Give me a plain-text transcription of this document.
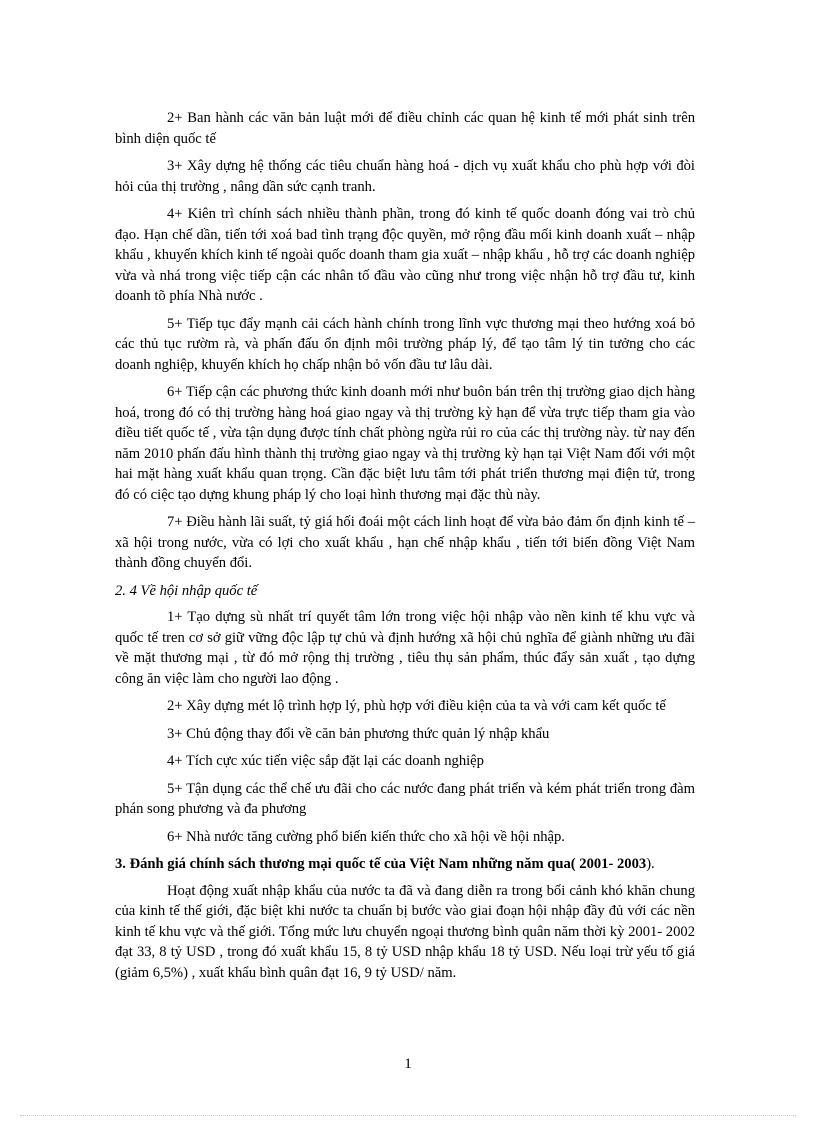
2+ Ban hành các văn bản luật mới để điều chỉnh các quan hệ kinh tế mới phát sinh trên bình diện quốc tế

3+ Xây dựng hệ thống các tiêu chuẩn hàng hoá - dịch vụ xuất khẩu cho phù hợp với đòi hỏi của thị trường , nâng dần sức cạnh tranh.

4+ Kiên trì chính sách nhiều thành phần, trong đó kinh tế quốc doanh đóng vai trò chủ đạo. Hạn chế dần, tiến tới xoá bad tình trạng độc quyền, mở rộng đầu mối kinh doanh xuất – nhập khẩu , khuyến khích kinh tế ngoài quốc doanh tham gia xuất – nhập khẩu , hỗ trợ các doanh nghiệp vừa và nhá trong việc tiếp cận các nhân tố đầu vào cũng như trong việc nhận hỗ trợ đầu tư, kinh doanh tõ phía Nhà nước .

5+ Tiếp tục đẩy mạnh cải cách hành chính trong lĩnh vực thương mại theo hướng xoá bỏ các thủ tục rườm rà, và phấn đấu ổn định môi trường pháp lý, để tạo tâm lý tin tưởng cho các doanh nghiệp, khuyến khích họ chấp nhận bỏ vốn đầu tư lâu dài.

6+ Tiếp cận các phương thức kinh doanh mới như buôn bán trên thị trường giao dịch hàng hoá, trong đó có thị trường hàng hoá giao ngay và thị trường kỳ hạn để vừa trực tiếp tham gia vào điều tiết quốc tế , vừa tận dụng được tính chất phòng ngừa rủi ro của các thị trường này. từ nay đến năm 2010 phấn đấu hình thành thị trường giao ngay và thị trường kỳ hạn tại Việt Nam đối với một hai mặt hàng xuất khẩu quan trọng. Cần đặc biệt lưu tâm tới phát triển thương mại điện tử, trong đó có ciệc tạo dựng khung pháp lý cho loại hình thương mại đặc thù này.

7+ Điều hành lãi suất, tỷ giá hối đoái một cách linh hoạt để vừa bảo đảm ổn định kinh tế – xã hội trong nước, vừa có lợi cho xuất khẩu , hạn chế nhập khẩu , tiến tới biến đồng Việt Nam thành đồng chuyển đổi.

2. 4 Về hội nhập quốc tế

1+ Tạo dựng sù nhất trí quyết tâm lớn trong việc hội nhập vào nền kinh tế khu vực và quốc tế tren cơ sở giữ vững độc lập tự chủ và định hướng xã hội chủ nghĩa để giành những ưu đãi về mặt thương mại , từ đó mở rộng thị trường , tiêu thụ sản phẩm, thúc đẩy sản xuất , tạo dựng công ăn việc làm cho người lao động .

2+ Xây dựng mét lộ trình hợp lý, phù hợp với điều kiện của ta và với cam kết quốc tế

3+ Chủ động thay đổi về căn bản phương thức quản lý nhập khẩu

4+ Tích cực xúc tiến việc sắp đặt lại các doanh nghiệp

5+ Tận dụng các thể chế ưu đãi cho các nước đang phát triển và kém phát triển trong đàm phán song phương và đa phương

6+ Nhà nước tăng cường phổ biến kiến thức cho xã hội về hội nhập.

3. Đánh giá chính sách thương mại quốc tế của Việt Nam những năm qua( 2001- 2003).

Hoạt động xuất nhập khẩu của nước ta đã và đang diễn ra trong bối cảnh khó khăn chung của kinh tế thế giới, đặc biệt khi nước ta chuẩn bị bước vào giai đoạn hội nhập đầy đủ với các nền kinh tế khu vực và thế giới. Tổng mức lưu chuyển ngoại thương bình quân năm thời kỳ 2001- 2002 đạt 33, 8 tỷ USD , trong đó xuất khẩu 15, 8 tỷ USD nhập khẩu 18 tỷ USD. Nếu loại trừ yếu tố giá (giảm 6,5%) , xuất khẩu bình quân đạt 16, 9 tỷ USD/ năm.

1
